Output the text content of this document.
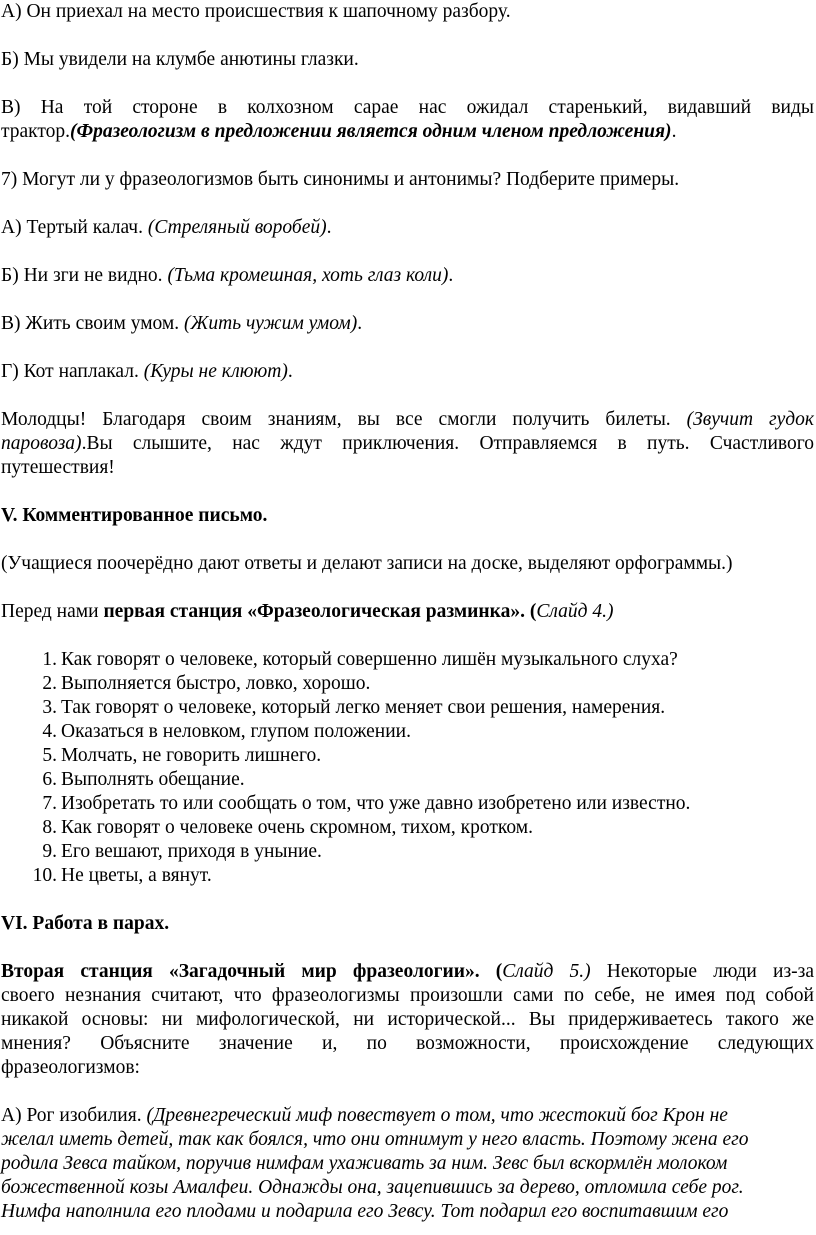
А) Он приехал на место происшествия к шапочному разбору.

Б) Мы увидели на клумбе анютины глазки.

В) На той стороне в колхозном сарае нас ожидал старенький, видавший виды

трактор.(Фразеологизм в предложении является одним членом предложения).

7) Могут ли у фразеологизмов быть синонимы и антонимы? Подберите примеры.

А) Тертый калач. (Стреляный воробей).

Б) Ни зги не видно. (Тьма кромешная, хоть глаз коли).

В) Жить своим умом. (Жить чужим умом).

Г) Кот наплакал. (Куры не клюют).

Молодцы! Благодаря своим знаниям, вы все смогли получить билеты. (Звучит гудок

паровоза).Вы слышите, нас ждут приключения. Отправляемся в путь. Счастливого

путешествия!

V. Комментированное письмо.

(Учащиеся поочерёдно дают ответы и делают записи на доске, выделяют орфограммы.)

Перед нами первая станция «Фразеологическая разминка». (Слайд 4.)

1. Как говорят о человеке, который совершенно лишён музыкального слуха?
2. Выполняется быстро, ловко, хорошо.
3. Так говорят о человеке, который легко меняет свои решения, намерения.
4. Оказаться в неловком, глупом положении.
5. Молчать, не говорить лишнего.
6. Выполнять обещание.
7. Изобретать то или сообщать о том, что уже давно изобретено или известно.
8. Как говорят о человеке очень скромном, тихом, кротком.
9. Его вешают, приходя в уныние.
10. Не цветы, а вянут.

VI. Работа в парах.

Вторая станция «Загадочный мир фразеологии». (Слайд 5.) Некоторые люди из-за

своего незнания считают, что фразеологизмы произошли сами по себе, не имея под собой

никакой основы: ни мифологической, ни исторической... Вы придерживаетесь такого же

мнения? Объясните значение и, по возможности, происхождение следующих

фразеологизмов:

А) Рог изобилия. (Древнегреческий миф повествует о том, что жестокий бог Крон не

желал иметь детей, так как боялся, что они отнимут у него власть. Поэтому жена его

родила Зевса тайком, поручив нимфам ухаживать за ним. Зевс был вскормлён молоком

божественной козы Амалфеи. Однажды она, зацепившись за дерево, отломила себе рог.

Нимфа наполнила его плодами и подарила его Зевсу. Тот подарил его воспитавшим его
